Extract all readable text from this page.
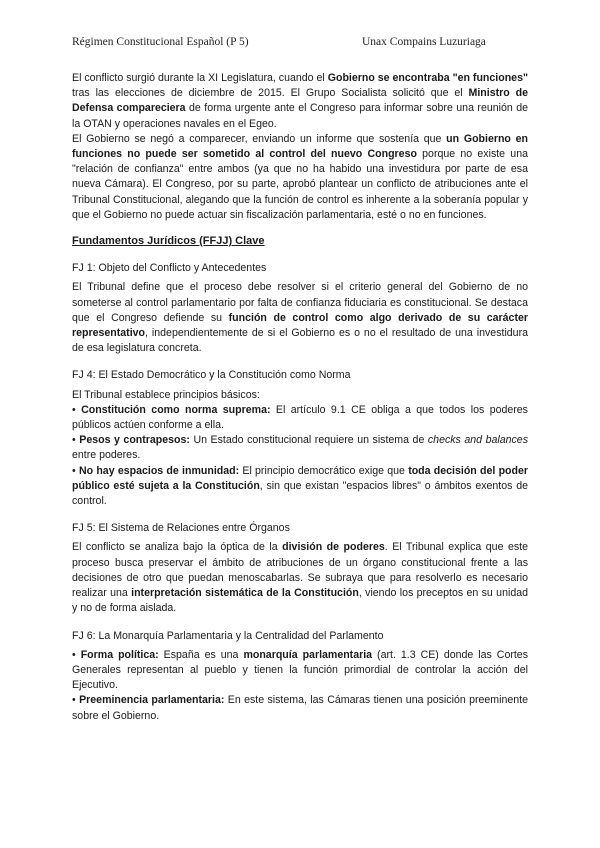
Régimen Constitucional Español (P 5)	Unax Compains Luzuriaga

El conflicto surgió durante la XI Legislatura, cuando el Gobierno se encontraba "en funciones" tras las elecciones de diciembre de 2015. El Grupo Socialista solicitó que el Ministro de Defensa compareciera de forma urgente ante el Congreso para informar sobre una reunión de la OTAN y operaciones navales en el Egeo.

El Gobierno se negó a comparecer, enviando un informe que sostenía que un Gobierno en funciones no puede ser sometido al control del nuevo Congreso porque no existe una "relación de confianza" entre ambos (ya que no ha habido una investidura por parte de esa nueva Cámara). El Congreso, por su parte, aprobó plantear un conflicto de atribuciones ante el Tribunal Constitucional, alegando que la función de control es inherente a la soberanía popular y que el Gobierno no puede actuar sin fiscalización parlamentaria, esté o no en funciones.

Fundamentos Jurídicos (FFJJ) Clave
FJ 1: Objeto del Conflicto y Antecedentes

El Tribunal define que el proceso debe resolver si el criterio general del Gobierno de no someterse al control parlamentario por falta de confianza fiduciaria es constitucional. Se destaca que el Congreso defiende su función de control como algo derivado de su carácter representativo, independientemente de si el Gobierno es o no el resultado de una investidura de esa legislatura concreta.

FJ 4: El Estado Democrático y la Constitución como Norma

El Tribunal establece principios básicos:

• Constitución como norma suprema: El artículo 9.1 CE obliga a que todos los poderes públicos actúen conforme a ella.

• Pesos y contrapesos: Un Estado constitucional requiere un sistema de checks and balances entre poderes.

• No hay espacios de inmunidad: El principio democrático exige que toda decisión del poder público esté sujeta a la Constitución, sin que existan "espacios libres" o ámbitos exentos de control.

FJ 5: El Sistema de Relaciones entre Órganos

El conflicto se analiza bajo la óptica de la división de poderes. El Tribunal explica que este proceso busca preservar el ámbito de atribuciones de un órgano constitucional frente a las decisiones de otro que puedan menoscabarlas. Se subraya que para resolverlo es necesario realizar una interpretación sistemática de la Constitución, viendo los preceptos en su unidad y no de forma aislada.

FJ 6: La Monarquía Parlamentaria y la Centralidad del Parlamento

• Forma política: España es una monarquía parlamentaria (art. 1.3 CE) donde las Cortes Generales representan al pueblo y tienen la función primordial de controlar la acción del Ejecutivo.

• Preeminencia parlamentaria: En este sistema, las Cámaras tienen una posición preeminente sobre el Gobierno.
